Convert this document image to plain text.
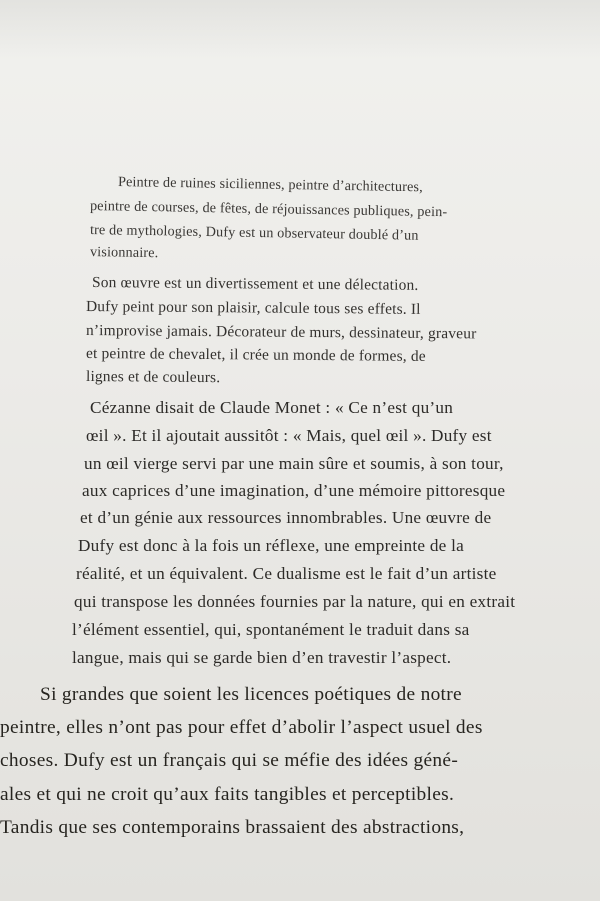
Peintre de ruines siciliennes, peintre d’architectures,
peintre de courses, de fêtes, de réjouissances publiques, pein-
tre de mythologies, Dufy est un observateur doublé d’un
visionnaire.
Son œuvre est un divertissement et une délectation.
Dufy peint pour son plaisir, calcule tous ses effets. Il
n’improvise jamais. Décorateur de murs, dessinateur, graveur
et peintre de chevalet, il crée un monde de formes, de
lignes et de couleurs.
Cézanne disait de Claude Monet : « Ce n’est qu’un
œil ». Et il ajoutait aussitôt : « Mais, quel œil ». Dufy est
un œil vierge servi par une main sûre et soumis, à son tour,
aux caprices d’une imagination, d’une mémoire pittoresque
et d’un génie aux ressources innombrables. Une œuvre de
Dufy est donc à la fois un réflexe, une empreinte de la
réalité, et un équivalent. Ce dualisme est le fait d’un artiste
qui transpose les données fournies par la nature, qui en extrait
l’élément essentiel, qui, spontanément le traduit dans sa
langue, mais qui se garde bien d’en travestir l’aspect.
Si grandes que soient les licences poétiques de notre
peintre, elles n’ont pas pour effet d’abolir l’aspect usuel des
choses. Dufy est un français qui se méfie des idées géné-
ales et qui ne croit qu’aux faits tangibles et perceptibles.
Tandis que ses contemporains brassaient des abstractions,
